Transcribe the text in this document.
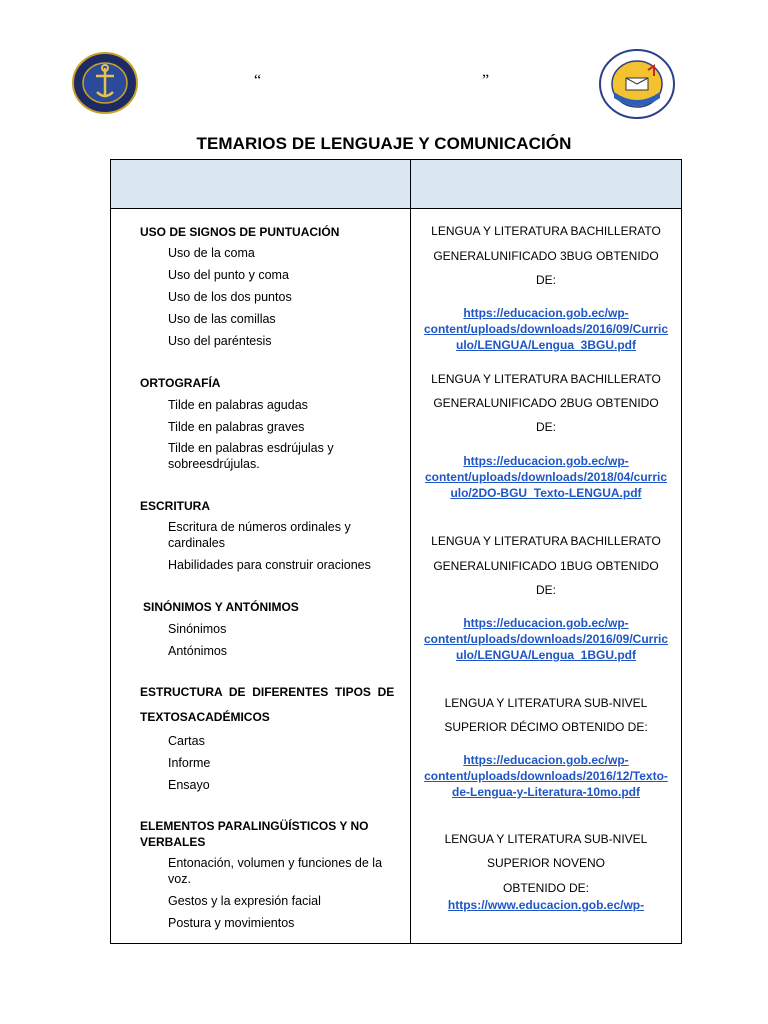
“	”
TEMARIOS DE LENGUAJE Y COMUNICACIÓN
USO DE SIGNOS DE PUNTUACIÓN
Uso de la coma
Uso del punto y coma
Uso de los dos puntos
Uso de las comillas
Uso del paréntesis
ORTOGRAFÍA
Tilde en palabras agudas
Tilde en palabras graves
Tilde en palabras esdrújulas y
sobreesdrújulas.
ESCRITURA
Escritura de números ordinales y
cardinales
Habilidades para construir oraciones
SINÓNIMOS Y ANTÓNIMOS
Sinónimos
Antónimos
ESTRUCTURA  DE  DIFERENTES  TIPOS  DE
TEXTOSACADÉMICOS
Cartas
Informe
Ensayo
ELEMENTOS PARALINGÜÍSTICOS Y NO
VERBALES
Entonación, volumen y funciones de la
voz.
Gestos y la expresión facial
Postura y movimientos
LENGUA Y LITERATURA BACHILLERATO
GENERALUNIFICADO 3BUG OBTENIDO
DE:
https://educacion.gob.ec/wp-
content/uploads/downloads/2016/09/Curric
ulo/LENGUA/Lengua_3BGU.pdf
LENGUA Y LITERATURA BACHILLERATO
GENERALUNIFICADO 2BUG OBTENIDO
DE:
https://educacion.gob.ec/wp-
content/uploads/downloads/2018/04/curric
ulo/2DO-BGU_Texto-LENGUA.pdf
LENGUA Y LITERATURA BACHILLERATO
GENERALUNIFICADO 1BUG OBTENIDO
DE:
https://educacion.gob.ec/wp-
content/uploads/downloads/2016/09/Curric
ulo/LENGUA/Lengua_1BGU.pdf
LENGUA Y LITERATURA SUB-NIVEL
SUPERIOR DÉCIMO OBTENIDO DE:
https://educacion.gob.ec/wp-
content/uploads/downloads/2016/12/Texto-
de-Lengua-y-Literatura-10mo.pdf
LENGUA Y LITERATURA SUB-NIVEL
SUPERIOR NOVENO
OBTENIDO DE:
https://www.educacion.gob.ec/wp-
